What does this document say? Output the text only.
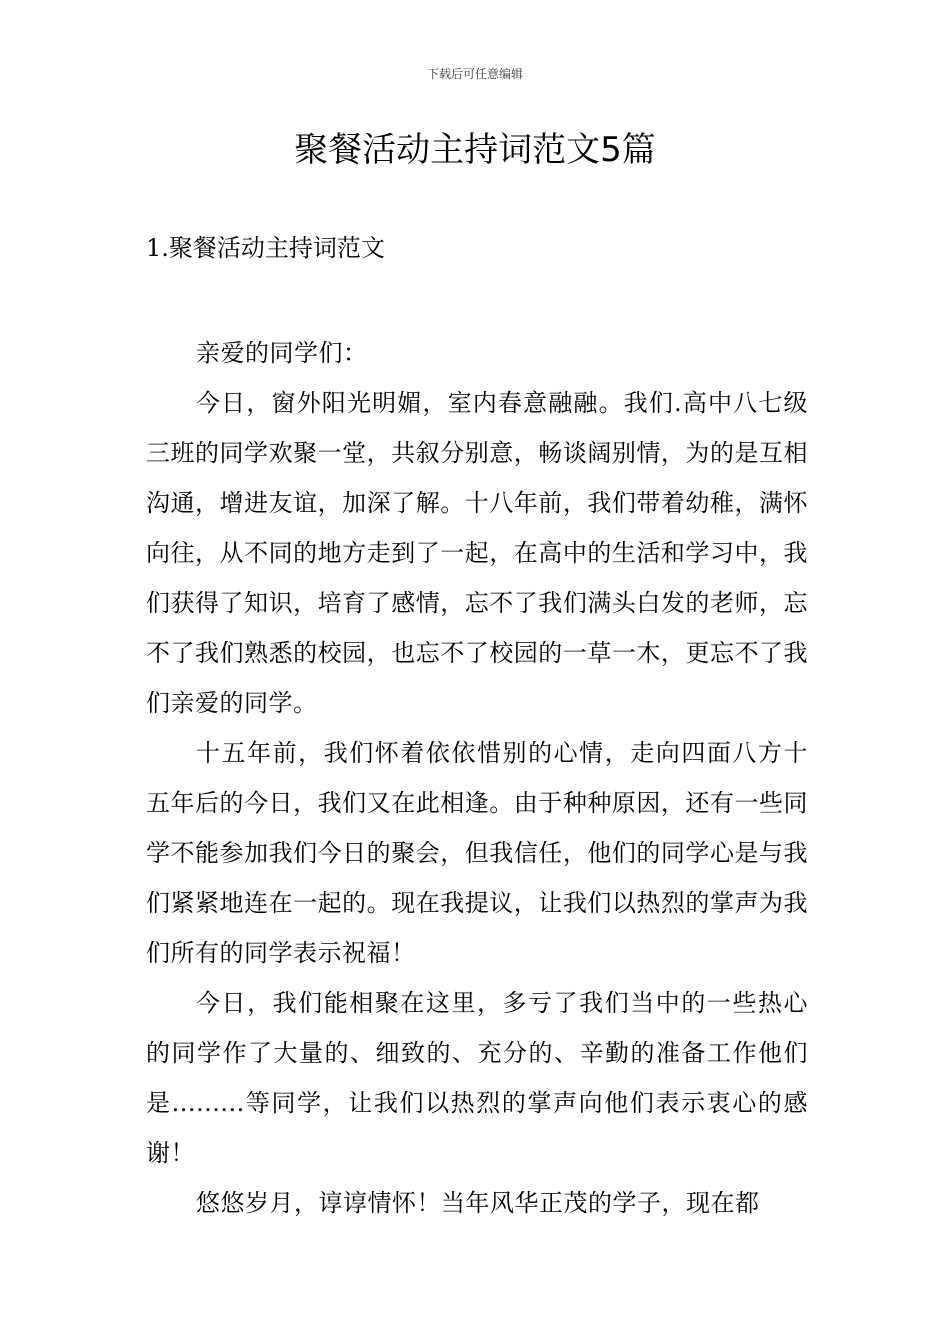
下载后可任意编辑
聚餐活动主持词范文5篇
1.聚餐活动主持词范文

亲爱的同学们：

今日，窗外阳光明媚，室内春意融融。我们.高中八七级三班的同学欢聚一堂，共叙分别意，畅谈阔别情，为的是互相沟通，增进友谊，加深了解。十八年前，我们带着幼稚，满怀向往，从不同的地方走到了一起，在高中的生活和学习中，我们获得了知识，培育了感情，忘不了我们满头白发的老师，忘不了我们熟悉的校园，也忘不了校园的一草一木，更忘不了我们亲爱的同学。

十五年前，我们怀着依依惜别的心情，走向四面八方十五年后的今日，我们又在此相逢。由于种种原因，还有一些同学不能参加我们今日的聚会，但我信任，他们的同学心是与我们紧紧地连在一起的。现在我提议，让我们以热烈的掌声为我们所有的同学表示祝福！

今日，我们能相聚在这里，多亏了我们当中的一些热心的同学作了大量的、细致的、充分的、辛勤的准备工作他们是.........等同学，让我们以热烈的掌声向他们表示衷心的感谢！

悠悠岁月，谆谆情怀！当年风华正茂的学子，现在都
